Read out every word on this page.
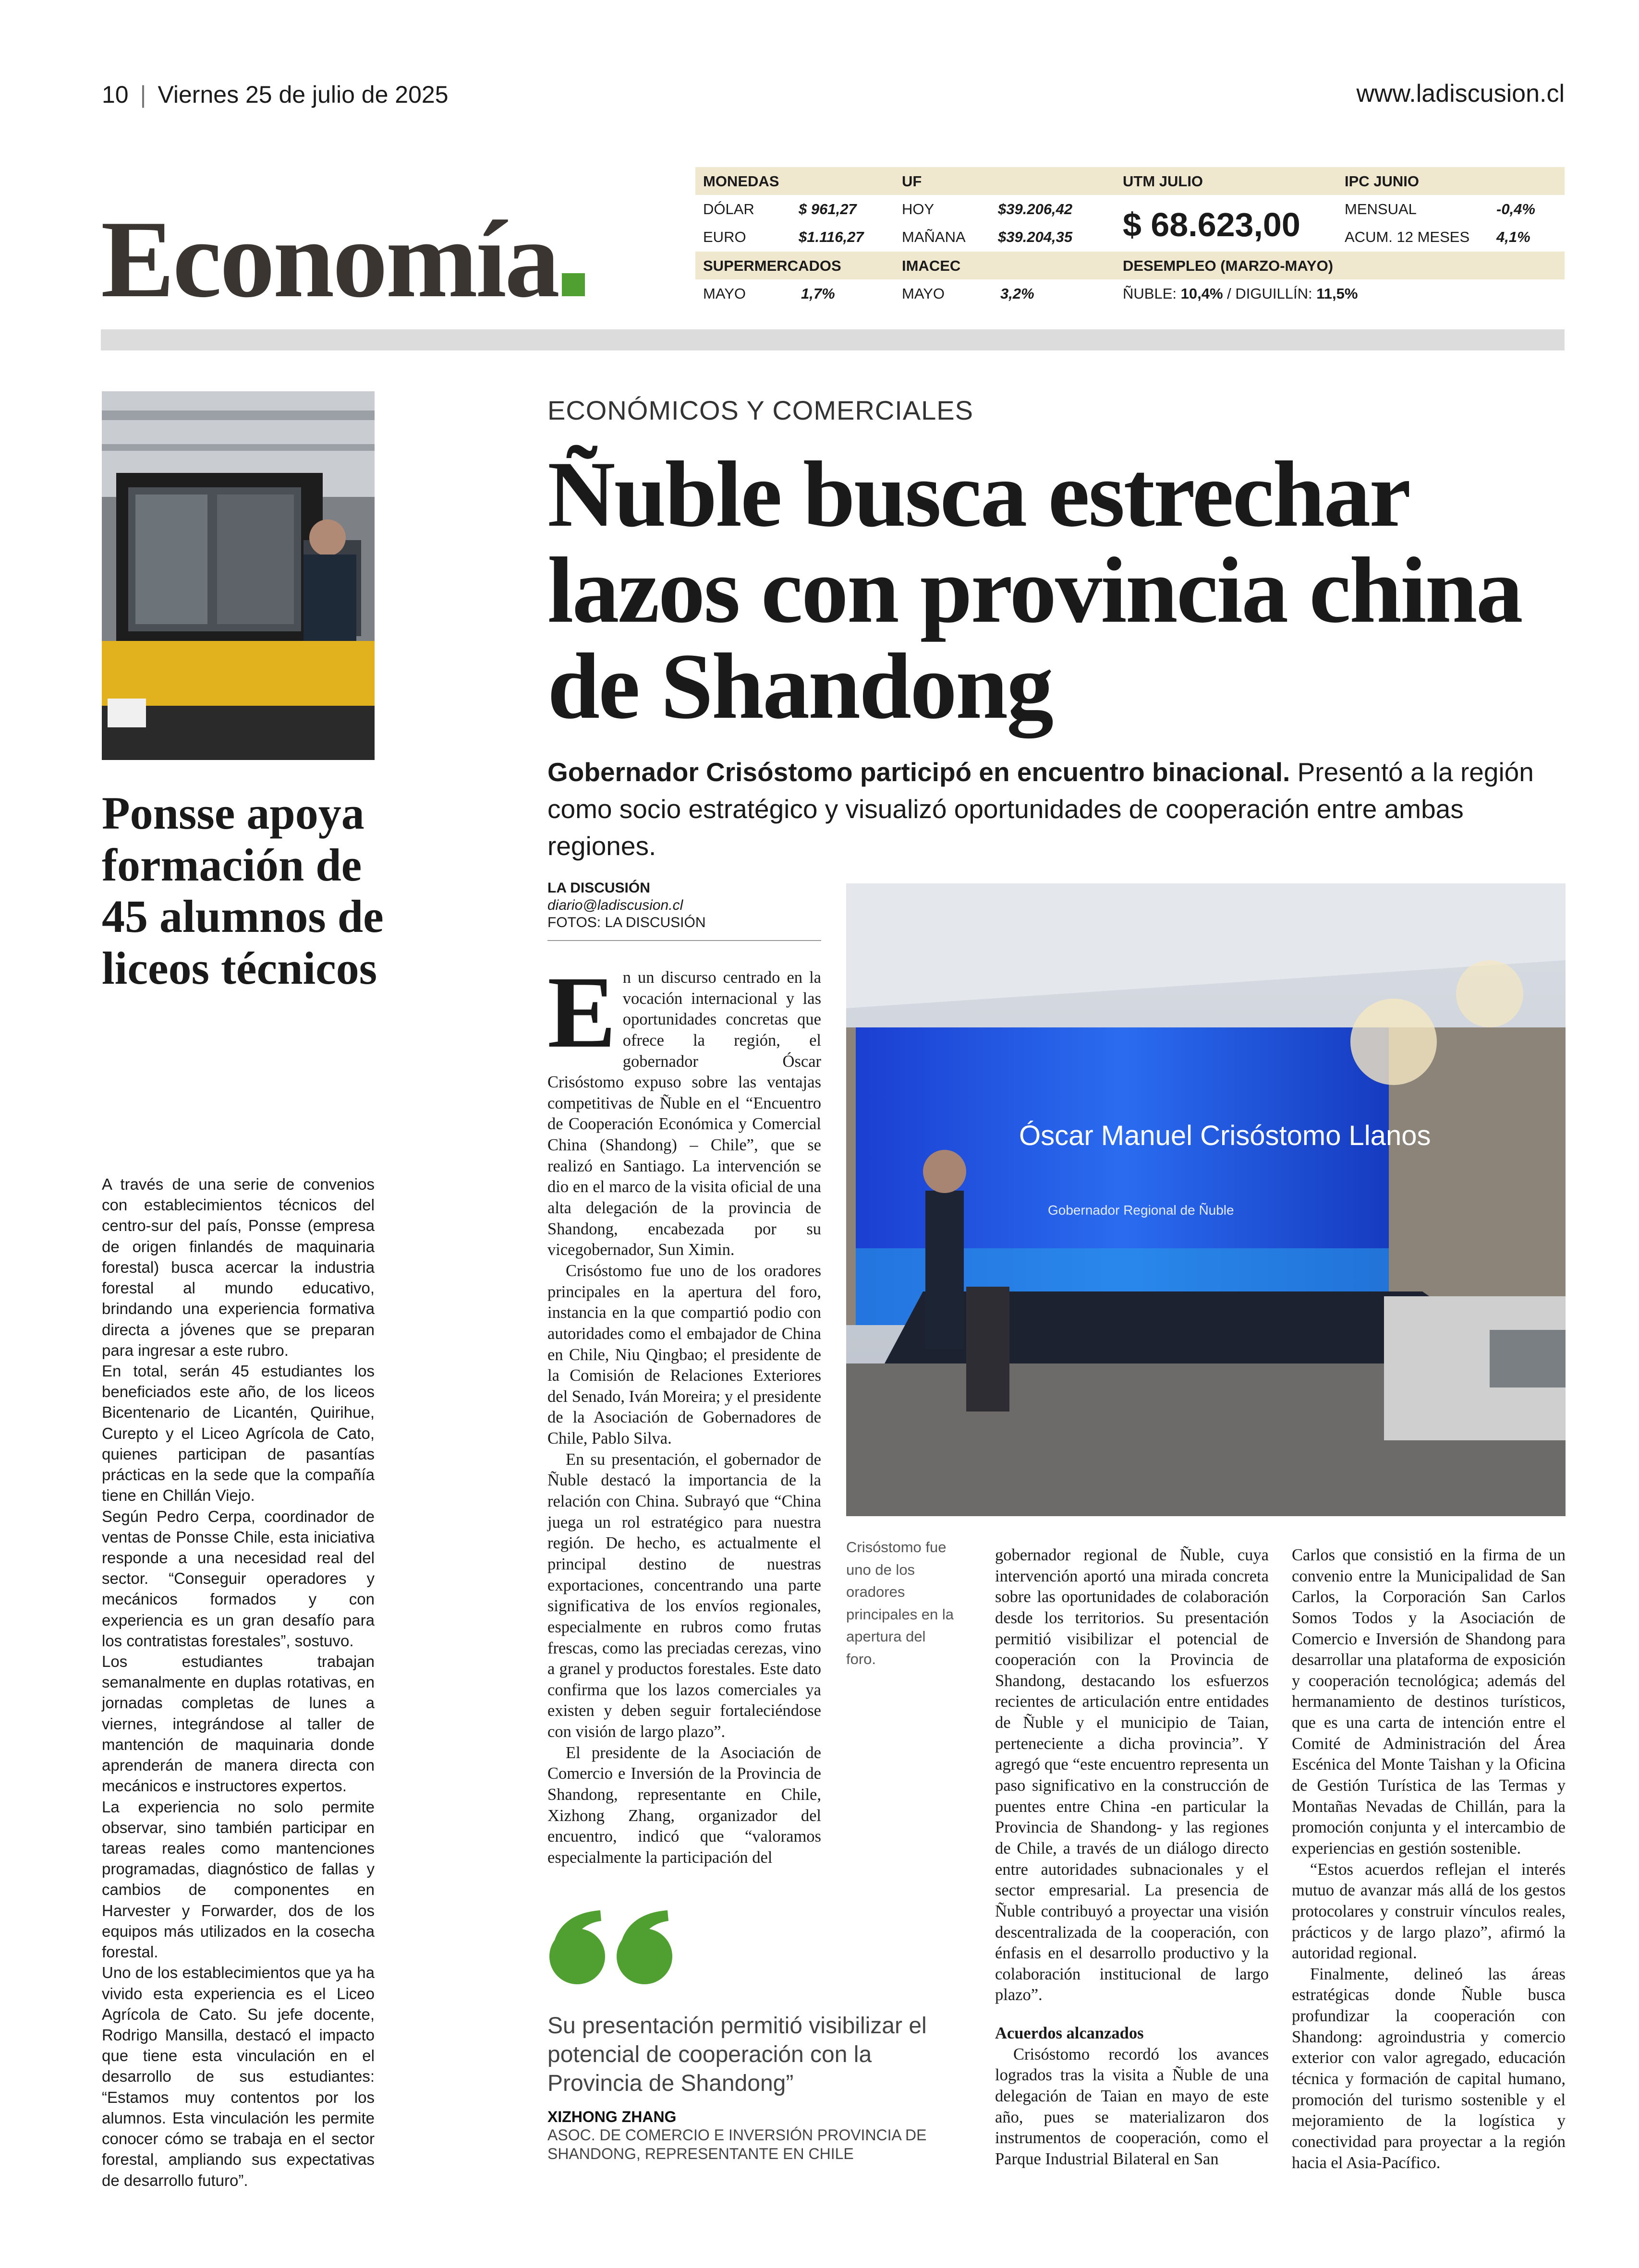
10 | Viernes 25 de julio de 2025	www.ladiscusion.cl
Economía
MONEDAS	UF	UTM JULIO	IPC JUNIO
DÓLAR	$ 961,27	HOY	$39.206,42	MENSUAL	-0,4%
EURO	$1.116,27	MAÑANA $39.204,35	ACUM. 12 MESES 4,1%
$ 68.623,00
SUPERMERCADOS	IMACEC	DESEMPLEO (MARZO-MAYO)
MAYO	1,7%	MAYO	3,2%	ÑUBLE: 10,4% / DIGUILLÍN: 11,5%
Ponsse apoya formación de 45 alumnos de liceos técnicos

A través de una serie de convenios con establecimientos técnicos del centro-sur del país, Ponsse (empresa de origen finlandés de maquinaria forestal) busca acercar la industria forestal al mundo educativo, brindando una experiencia formativa directa a jóvenes que se preparan para ingresar a este rubro.

En total, serán 45 estudiantes los beneficiados este año, de los liceos Bicentenario de Licantén, Quirihue, Curepto y el Liceo Agrícola de Cato, quienes participan de pasantías prácticas en la sede que la compañía tiene en Chillán Viejo.

Según Pedro Cerpa, coordinador de ventas de Ponsse Chile, esta iniciativa responde a una necesidad real del sector. “Conseguir operadores y mecánicos formados y con experiencia es un gran desafío para los contratistas forestales”, sostuvo.

Los estudiantes trabajan semanalmente en duplas rotativas, en jornadas completas de lunes a viernes, integrándose al taller de mantención de maquinaria donde aprenderán de manera directa con mecánicos e instructores expertos.

La experiencia no solo permite observar, sino también participar en tareas reales como mantenciones programadas, diagnóstico de fallas y cambios de componentes en Harvester y Forwarder, dos de los equipos más utilizados en la cosecha forestal.

Uno de los establecimientos que ya ha vivido esta experiencia es el Liceo Agrícola de Cato. Su jefe docente, Rodrigo Mansilla, destacó el impacto que tiene esta vinculación en el desarrollo de sus estudiantes: “Estamos muy contentos por los alumnos. Esta vinculación les permite conocer cómo se trabaja en el sector forestal, ampliando sus expectativas de desarrollo futuro”.

ECONÓMICOS Y COMERCIALES
Ñuble busca estrechar lazos con provincia china de Shandong
Gobernador Crisóstomo participó en encuentro binacional. Presentó a la región como socio estratégico y visualizó oportunidades de cooperación entre ambas regiones.
LA DISCUSIÓN
diario@ladiscusion.cl
FOTOS: LA DISCUSIÓN
E n un discurso centrado en la vocación internacional y las oportunidades concretas que ofrece la región, el gobernador Óscar Crisóstomo expuso sobre las ventajas competitivas de Ñuble en el “Encuentro de Cooperación Económica y Comercial China (Shandong) – Chile”, que se realizó en Santiago. La intervención se dio en el marco de la visita oficial de una alta delegación de la provincia de Shandong, encabezada por su vicegobernador, Sun Ximin.

Crisóstomo fue uno de los oradores principales en la apertura del foro, instancia en la que compartió podio con autoridades como el embajador de China en Chile, Niu Qingbao; el presidente de la Comisión de Relaciones Exteriores del Senado, Iván Moreira; y el presidente de la Asociación de Gobernadores de Chile, Pablo Silva.

En su presentación, el gobernador de Ñuble destacó la importancia de la relación con China. Subrayó que “China juega un rol estratégico para nuestra región. De hecho, es actualmente el principal destino de nuestras exportaciones, concentrando una parte significativa de los envíos regionales, especialmente en rubros como frutas frescas, como las preciadas cerezas, vino a granel y productos forestales. Este dato confirma que los lazos comerciales ya existen y deben seguir fortaleciéndose con visión de largo plazo”.

El presidente de la Asociación de Comercio e Inversión de la Provincia de Shandong, representante en Chile, Xizhong Zhang, organizador del encuentro, indicó que “valoramos especialmente la participación del

Óscar Manuel Crisóstomo Llanos
Gobernador Regional de Ñuble
Crisóstomo fue uno de los oradores principales en la apertura del foro.

gobernador regional de Ñuble, cuya intervención aportó una mirada concreta sobre las oportunidades de colaboración desde los territorios. Su presentación permitió visibilizar el potencial de cooperación con la Provincia de Shandong, destacando los esfuerzos recientes de articulación entre entidades de Ñuble y el municipio de Taian, perteneciente a dicha provincia”. Y agregó que “este encuentro representa un paso significativo en la construcción de puentes entre China -en particular la Provincia de Shandong- y las regiones de Chile, a través de un diálogo directo entre autoridades subnacionales y el sector empresarial. La presencia de Ñuble contribuyó a proyectar una visión descentralizada de la cooperación, con énfasis en el desarrollo productivo y la colaboración institucional de largo plazo”.

Acuerdos alcanzados

Crisóstomo recordó los avances logrados tras la visita a Ñuble de una delegación de Taian en mayo de este año, pues se materializaron dos instrumentos de cooperación, como el Parque Industrial Bilateral en San

Carlos que consistió en la firma de un convenio entre la Municipalidad de San Carlos, la Corporación San Carlos Somos Todos y la Asociación de Comercio e Inversión de Shandong para desarrollar una plataforma de exposición y cooperación tecnológica; además del hermanamiento de destinos turísticos, que es una carta de intención entre el Comité de Administración del Área Escénica del Monte Taishan y la Oficina de Gestión Turística de las Termas y Montañas Nevadas de Chillán, para la promoción conjunta y el intercambio de experiencias en gestión sostenible.

“Estos acuerdos reflejan el interés mutuo de avanzar más allá de los gestos protocolares y construir vínculos reales, prácticos y de largo plazo”, afirmó la autoridad regional.

Finalmente, delineó las áreas estratégicas donde Ñuble busca profundizar la cooperación con Shandong: agroindustria y comercio exterior con valor agregado, educación técnica y formación de capital humano, promoción del turismo sostenible y el mejoramiento de la logística y conectividad para proyectar a la región hacia el Asia-Pacífico.

Su presentación permitió visibilizar el potencial de cooperación con la Provincia de Shandong”
XIZHONG ZHANG
ASOC. DE COMERCIO E INVERSIÓN PROVINCIA DE SHANDONG, REPRESENTANTE EN CHILE
